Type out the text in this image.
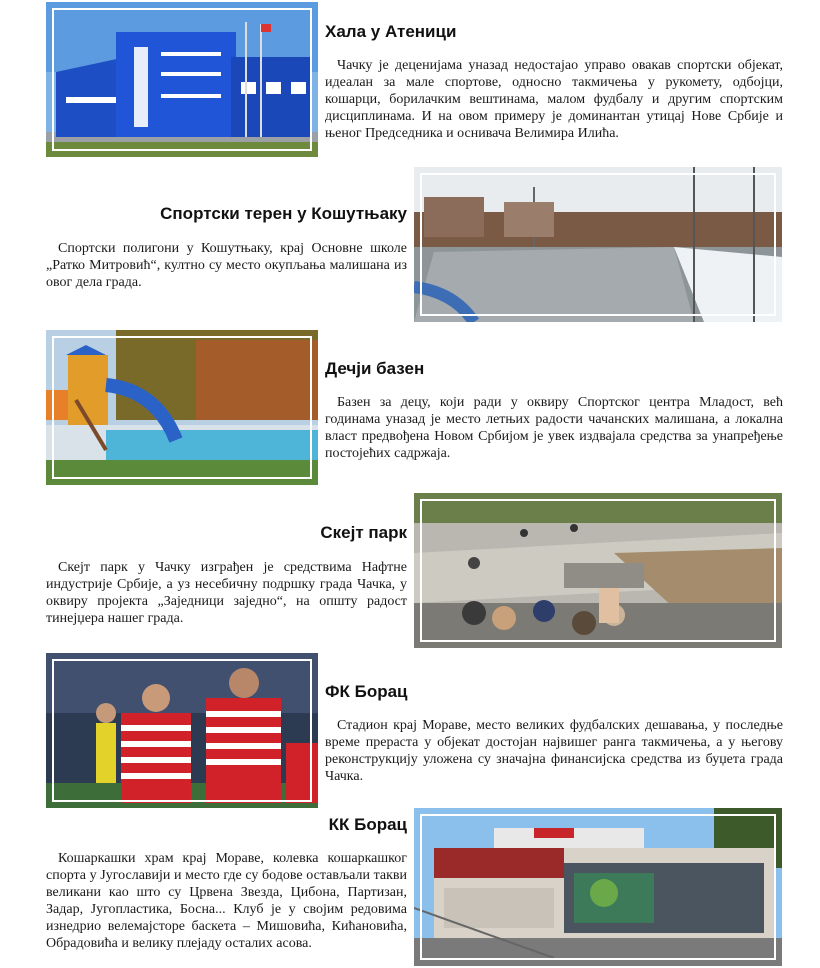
Хала у Атеници
Чачку је деценијама уназад недостајао управо овакав спортски објекат, идеалан за мале спортове, односно такмичења у рукомету, одбојци, кошарци, борилачким вештинама, малом фудбалу и другим спортским дисциплинама. И на овом примеру је доминантан утицај Нове Србије и њеног Председника и оснивача Велимира Илића.
Спортски терен у Кошутњаку
Спортски полигони у Кошутњаку, крај Основне школе „Ратко Митровић“, култно су место окупљања малишана из овог дела града.
Дечји базен
Базен за децу, који ради у оквиру Спортског центра Младост, већ годинама уназад је место летњих радости чачанских малишана, а локална власт предвођена Новом Србијом је увек издвајала средства за унапређење постојећих садржаја.
Скејт парк
Скејт парк у Чачку изграђен је средствима Нафтне индустрије Србије, а уз несебичну подршку града Чачка, у оквиру пројекта „Заједници заједно“, на општу радост тинејџера нашег града.
ФК Борац
Стадион крај Мораве, место великих фудбалских дешавања, у последње време прераста у објекат достојан највишег ранга такмичења, а у његову реконструкцију уложена су значајна финансијска средства из буџета града Чачка.
КК Борац
Кошаркашки храм крај Мораве, колевка кошаркашког спорта у Југославији и место где су бодове остављали такви великани као што су Црвена Звезда, Цибона, Партизан, Задар, Југопластика, Босна... Клуб је у својим редовима изнедрио велемајсторе баскета – Мишовића, Кићановића, Обрадовића и велику плејаду осталих асова.
